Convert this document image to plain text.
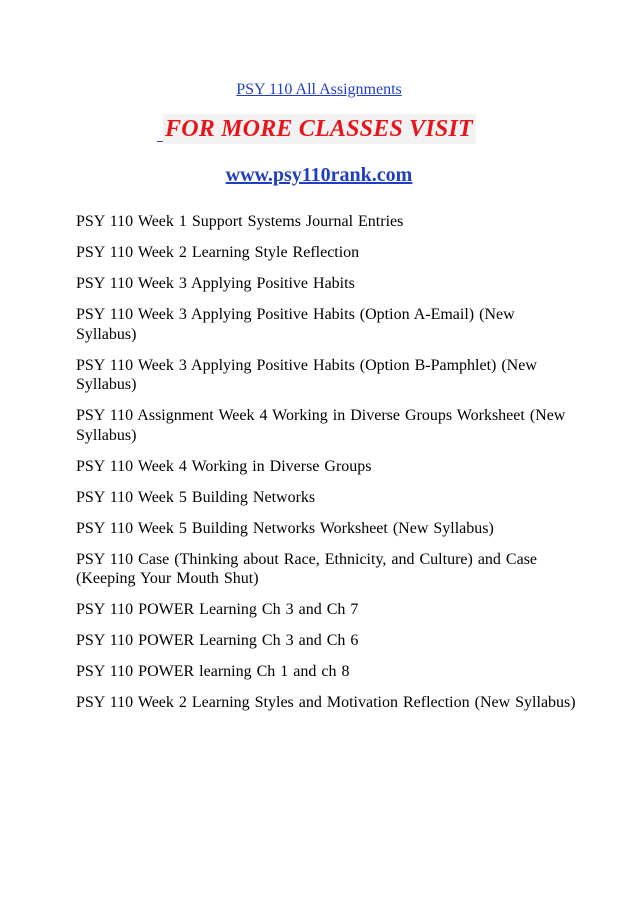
PSY 110 All Assignments
FOR MORE CLASSES VISIT
www.psy110rank.com
PSY 110 Week 1 Support Systems Journal Entries
PSY 110 Week 2 Learning Style Reflection
PSY 110 Week 3 Applying Positive Habits
PSY 110 Week 3 Applying Positive Habits (Option A-Email) (New Syllabus)
PSY 110 Week 3 Applying Positive Habits (Option B-Pamphlet) (New Syllabus)
PSY 110 Assignment Week 4 Working in Diverse Groups Worksheet (New Syllabus)
PSY 110 Week 4 Working in Diverse Groups
PSY 110 Week 5 Building Networks
PSY 110 Week 5 Building Networks Worksheet (New Syllabus)
PSY 110 Case (Thinking about Race, Ethnicity, and Culture) and Case (Keeping Your Mouth Shut)
PSY 110 POWER Learning Ch 3 and Ch 7
PSY 110 POWER Learning Ch 3 and Ch 6
PSY 110 POWER learning Ch 1 and ch 8
PSY 110 Week 2 Learning Styles and Motivation Reflection (New Syllabus)
